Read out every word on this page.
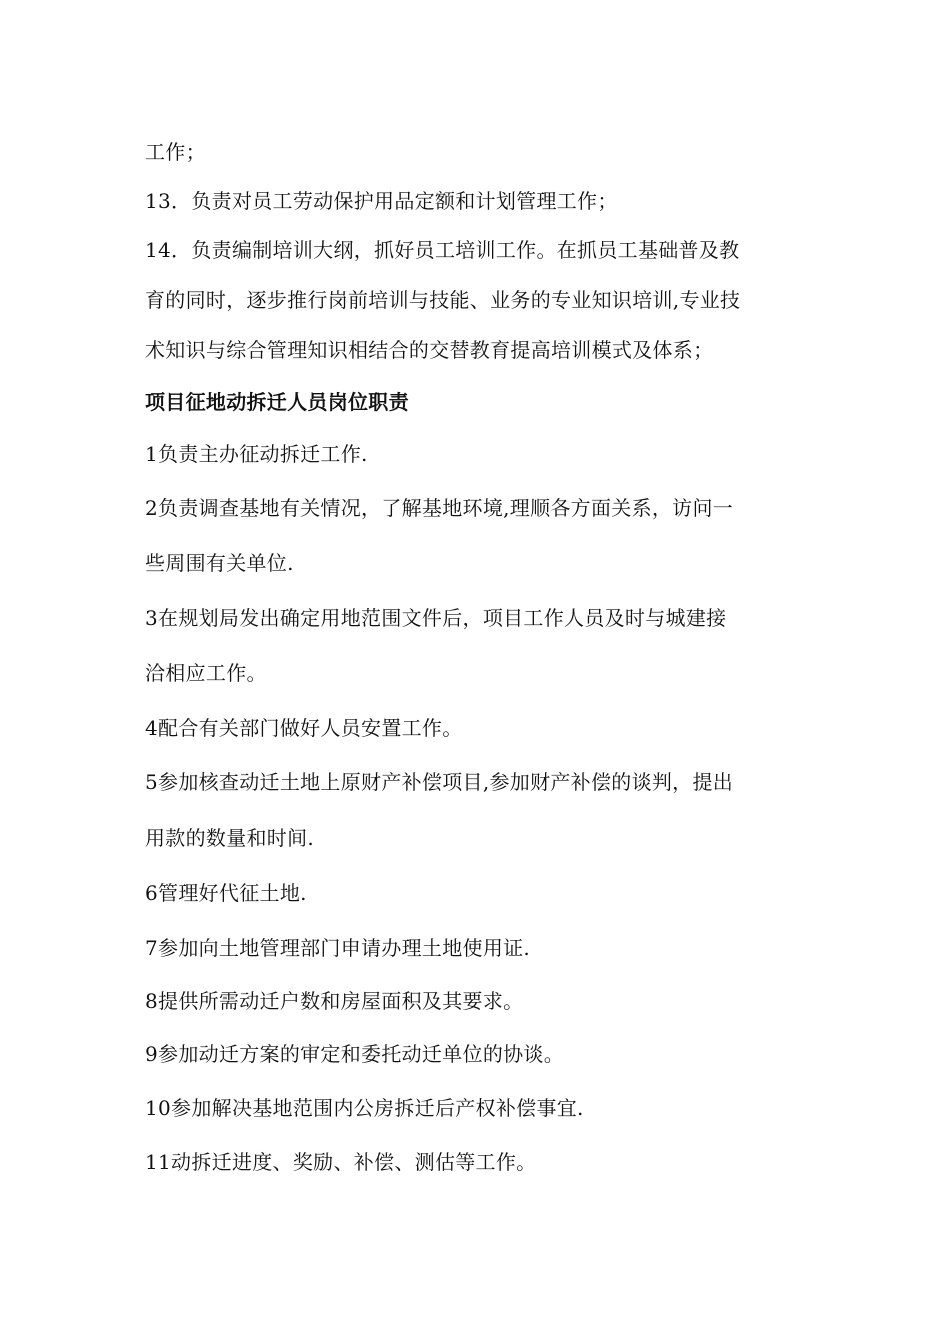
工作；
13．负责对员工劳动保护用品定额和计划管理工作；
14．负责编制培训大纲，抓好员工培训工作。在抓员工基础普及教
育的同时，逐步推行岗前培训与技能、业务的专业知识培训,专业技
术知识与综合管理知识相结合的交替教育提高培训模式及体系；
项目征地动拆迁人员岗位职责
1负责主办征动拆迁工作.
2负责调查基地有关情况，了解基地环境,理顺各方面关系，访问一
些周围有关单位.
3在规划局发出确定用地范围文件后，项目工作人员及时与城建接
洽相应工作。
4配合有关部门做好人员安置工作。
5参加核查动迁土地上原财产补偿项目,参加财产补偿的谈判，提出
用款的数量和时间.
6管理好代征土地.
7参加向土地管理部门申请办理土地使用证.
8提供所需动迁户数和房屋面积及其要求。
9参加动迁方案的审定和委托动迁单位的协谈。
10参加解决基地范围内公房拆迁后产权补偿事宜.
11动拆迁进度、奖励、补偿、测估等工作。
